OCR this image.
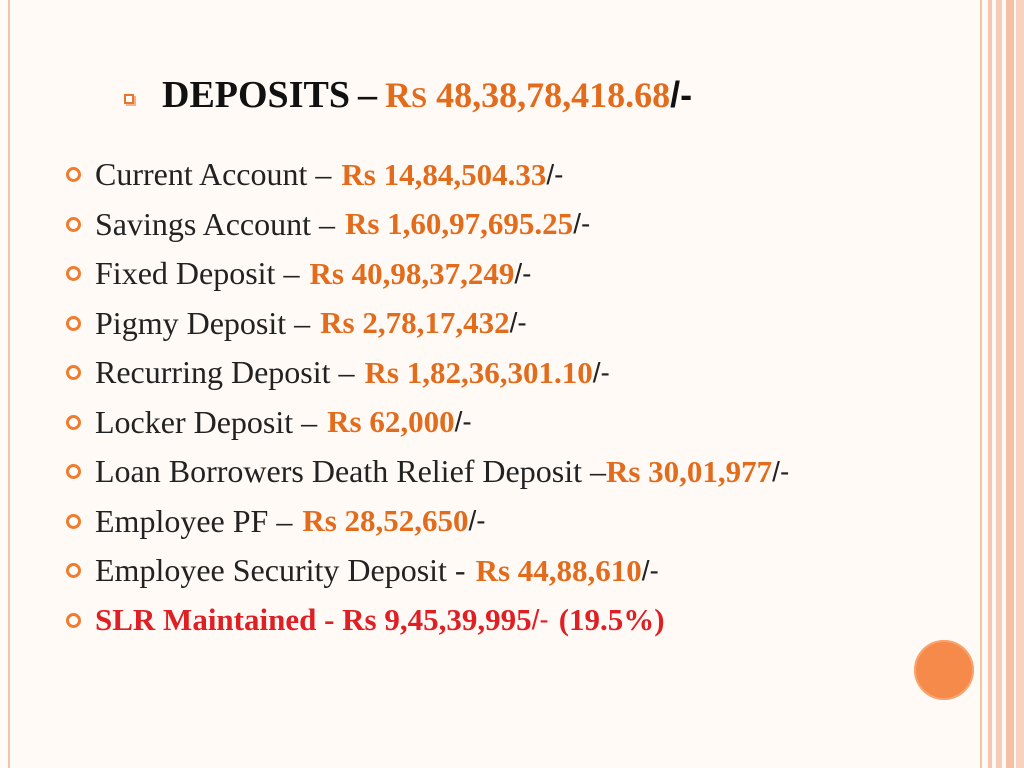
DEPOSITS – RS 48,38,78,418.68 /-
Current Account – Rs 14,84,504.33 /-
Savings Account – Rs 1,60,97,695.25 /-
Fixed Deposit – Rs 40,98,37,249 /-
Pigmy Deposit – Rs 2,78,17,432 /-
Recurring Deposit – Rs 1,82,36,301.10 /-
Locker Deposit – Rs 62,000 /-
Loan Borrowers Death Relief Deposit – Rs 30,01,977 /-
Employee PF – Rs 28,52,650 /-
Employee Security Deposit - Rs 44,88,610 /-
SLR Maintained - Rs 9,45,39,995 /- (19.5%)
